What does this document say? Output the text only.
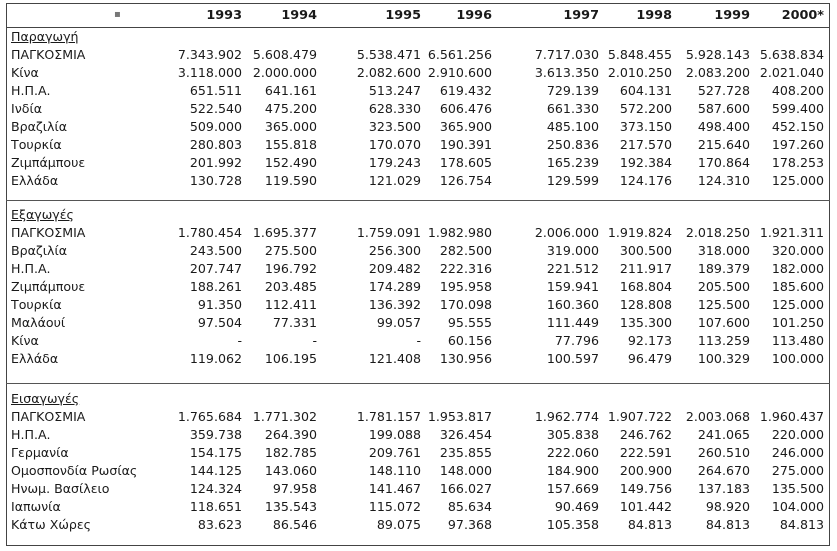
▪	1993	1994	1995	1996	1997	1998	1999 2000*
Παραγωγή
ΠΑΓΚΟΣΜΙΑ	7.343.902 5.608.479	5.538.471 6.561.256	7.717.030 5.848.455 5.928.143 5.638.834
Κίνα	3.118.000 2.000.000	2.082.600 2.910.600	3.613.350 2.010.250 2.083.200 2.021.040
Η.Π.Α.	651.511 641.161	513.247 619.432	729.139 604.131 527.728 408.200
Ινδία	522.540 475.200	628.330 606.476	661.330 572.200 587.600 599.400
Βραζιλία	509.000 365.000	323.500 365.900	485.100 373.150 498.400 452.150
Τουρκία	280.803 155.818	170.070 190.391	250.836 217.570 215.640 197.260
Ζιμπάμπουε	201.992 152.490	179.243 178.605	165.239 192.384 170.864 178.253
Ελλάδα	130.728 119.590	121.029 126.754	129.599 124.176 124.310 125.000
Εξαγωγές
ΠΑΓΚΟΣΜΙΑ	1.780.454 1.695.377	1.759.091 1.982.980	2.006.000 1.919.824 2.018.250 1.921.311
Βραζιλία	243.500 275.500	256.300 282.500	319.000 300.500 318.000 320.000
Η.Π.Α.	207.747 196.792	209.482 222.316	221.512 211.917 189.379 182.000
Ζιμπάμπουε	188.261 203.485	174.289 195.958	159.941 168.804 205.500 185.600
Τουρκία	91.350 112.411	136.392 170.098	160.360 128.808 125.500 125.000
Μαλάουί	97.504 77.331	99.057 95.555	111.449 135.300 107.600 101.250
Κίνα	-	-	- 60.156	77.796 92.173 113.259 113.480
Ελλάδα	119.062 106.195	121.408 130.956	100.597 96.479 100.329 100.000
Εισαγωγές
ΠΑΓΚΟΣΜΙΑ	1.765.684 1.771.302	1.781.157 1.953.817	1.962.774 1.907.722 2.003.068 1.960.437
Η.Π.Α.	359.738 264.390	199.088 326.454	305.838 246.762 241.065 220.000
Γερμανία	154.175 182.785	209.761 235.855	222.060 222.591 260.510 246.000
Ομοσπονδία Ρωσίας	144.125 143.060	148.110 148.000	184.900 200.900 264.670 275.000
Ηνωμ. Βασίλειο	124.324 97.958	141.467 166.027	157.669 149.756 137.183 135.500
Ιαπωνία	118.651 135.543	115.072 85.634	90.469 101.442	98.920 104.000
Κάτω Χώρες	83.623 86.546	89.075 97.368	105.358 84.813	84.813 84.813
